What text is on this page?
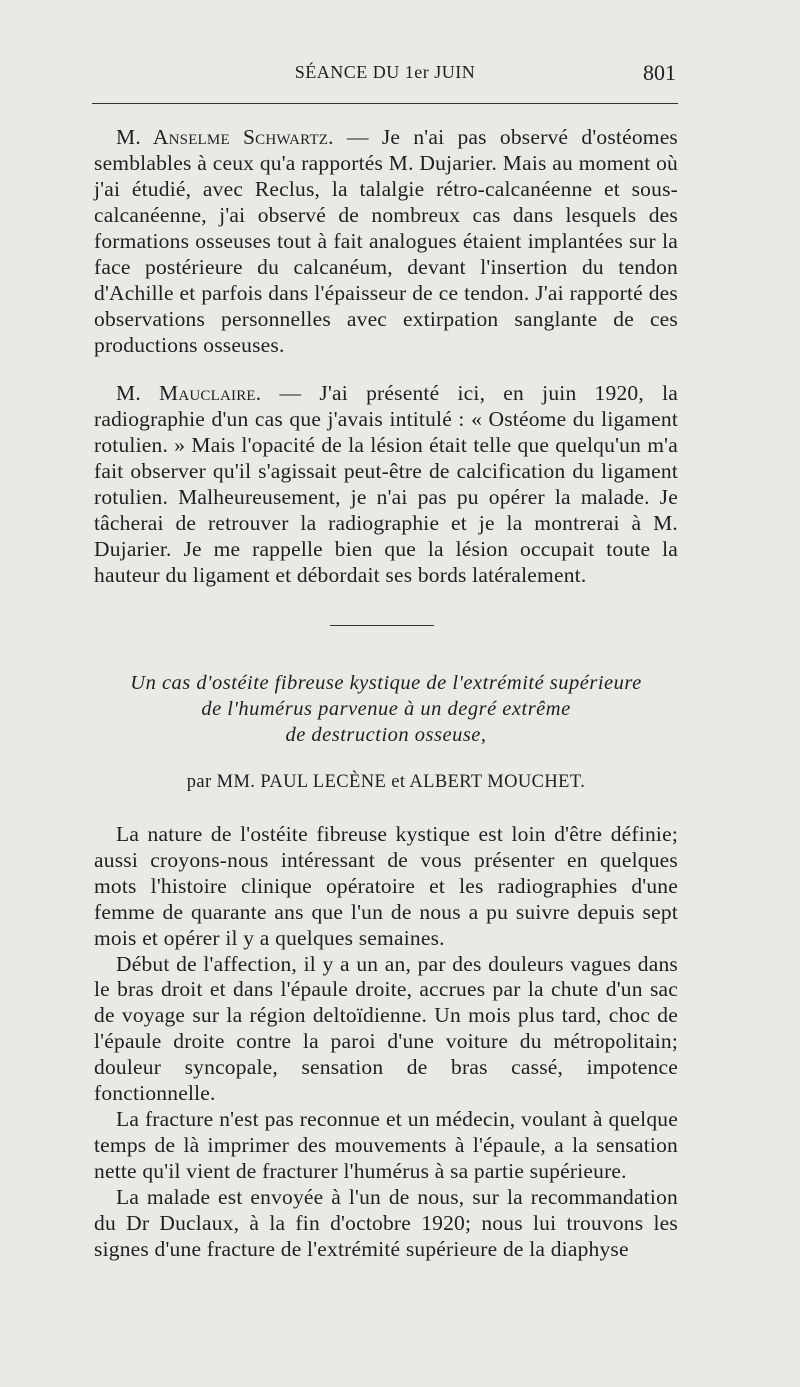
SÉANCE DU 1er JUIN	801

M. Anselme Schwartz. — Je n'ai pas observé d'ostéomes semblables à ceux qu'a rapportés M. Dujarier. Mais au moment où j'ai étudié, avec Reclus, la talalgie rétro-calcanéenne et sous-calcanéenne, j'ai observé de nombreux cas dans lesquels des formations osseuses tout à fait analogues étaient implantées sur la face postérieure du calcanéum, devant l'insertion du tendon d'Achille et parfois dans l'épaisseur de ce tendon. J'ai rapporté des observations personnelles avec extirpation sanglante de ces productions osseuses.

M. Mauclaire. — J'ai présenté ici, en juin 1920, la radiographie d'un cas que j'avais intitulé : « Ostéome du ligament rotulien. » Mais l'opacité de la lésion était telle que quelqu'un m'a fait observer qu'il s'agissait peut-être de calcification du ligament rotulien. Malheureusement, je n'ai pas pu opérer la malade. Je tâcherai de retrouver la radiographie et je la montrerai à M. Dujarier. Je me rappelle bien que la lésion occupait toute la hauteur du ligament et débordait ses bords latéralement.

Un cas d'ostéite fibreuse kystique de l'extrémité supérieure
de l'humérus parvenue à un degré extrême
de destruction osseuse,
par MM. PAUL LECÈNE et ALBERT MOUCHET.

La nature de l'ostéite fibreuse kystique est loin d'être définie; aussi croyons-nous intéressant de vous présenter en quelques mots l'histoire clinique opératoire et les radiographies d'une femme de quarante ans que l'un de nous a pu suivre depuis sept mois et opérer il y a quelques semaines.

Début de l'affection, il y a un an, par des douleurs vagues dans le bras droit et dans l'épaule droite, accrues par la chute d'un sac de voyage sur la région deltoïdienne. Un mois plus tard, choc de l'épaule droite contre la paroi d'une voiture du métropolitain; douleur syncopale, sensation de bras cassé, impotence fonctionnelle.

La fracture n'est pas reconnue et un médecin, voulant à quelque temps de là imprimer des mouvements à l'épaule, a la sensation nette qu'il vient de fracturer l'humérus à sa partie supérieure.

La malade est envoyée à l'un de nous, sur la recommandation du Dr Duclaux, à la fin d'octobre 1920; nous lui trouvons les signes d'une fracture de l'extrémité supérieure de la diaphyse
